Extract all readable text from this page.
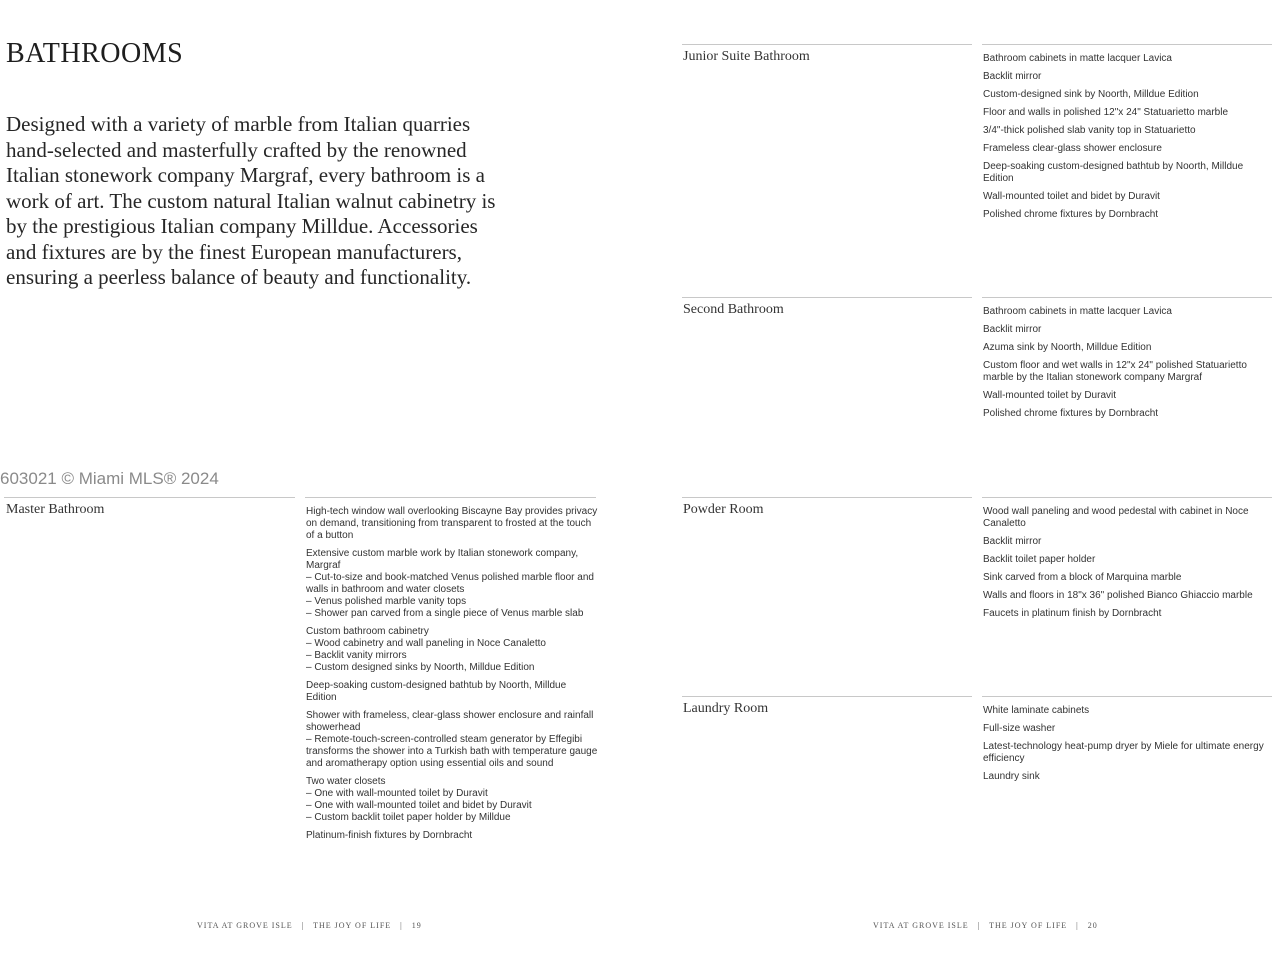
BATHROOMS

Designed with a variety of marble from Italian quarries hand-selected and masterfully crafted by the renowned Italian stonework company Margraf, every bathroom is a work of art. The custom natural Italian walnut cabinetry is by the prestigious Italian company Milldue. Accessories and fixtures are by the finest European manufacturers, ensuring a peerless balance of beauty and functionality.

603021 © Miami MLS® 2024
Master Bathroom	High-tech window wall overlooking Biscayne Bay provides privacy on demand, transitioning from transparent to frosted at the touch of a button
Extensive custom marble work by Italian stonework company, Margraf
– Cut-to-size and book-matched Venus polished marble floor and walls in bathroom and water closets
– Venus polished marble vanity tops
– Shower pan carved from a single piece of Venus marble slab
Custom bathroom cabinetry
– Wood cabinetry and wall paneling in Noce Canaletto
– Backlit vanity mirrors
– Custom designed sinks by Noorth, Milldue Edition
Deep-soaking custom-designed bathtub by Noorth, Milldue Edition
Shower with frameless, clear-glass shower enclosure and rainfall showerhead
– Remote-touch-screen-controlled steam generator by Effegibi transforms the shower into a Turkish bath with temperature gauge and aromatherapy option using essential oils and sound
Two water closets
– One with wall-mounted toilet by Duravit
– One with wall-mounted toilet and bidet by Duravit
– Custom backlit toilet paper holder by Milldue
Platinum-finish fixtures by Dornbracht
Junior Suite Bathroom	Bathroom cabinets in matte lacquer Lavica
Backlit mirror
Custom-designed sink by Noorth, Milldue Edition
Floor and walls in polished 12"x 24" Statuarietto marble
3/4"-thick polished slab vanity top in Statuarietto
Frameless clear-glass shower enclosure
Deep-soaking custom-designed bathtub by Noorth, Milldue Edition
Wall-mounted toilet and bidet by Duravit
Polished chrome fixtures by Dornbracht
Second Bathroom	Bathroom cabinets in matte lacquer Lavica
Backlit mirror
Azuma sink by Noorth, Milldue Edition
Custom floor and wet walls in 12"x 24" polished Statuarietto marble by the Italian stonework company Margraf
Wall-mounted toilet by Duravit
Polished chrome fixtures by Dornbracht
Powder Room	Wood wall paneling and wood pedestal with cabinet in Noce Canaletto
Backlit mirror
Backlit toilet paper holder
Sink carved from a block of Marquina marble
Walls and floors in 18"x 36" polished Bianco Ghiaccio marble
Faucets in platinum finish by Dornbracht
Laundry Room	White laminate cabinets
Full-size washer
Latest-technology heat-pump dryer by Miele for ultimate energy efficiency
Laundry sink
VITA AT GROVE ISLE   |   THE JOY OF LIFE   |   19	VITA AT GROVE ISLE   |   THE JOY OF LIFE   |   20
